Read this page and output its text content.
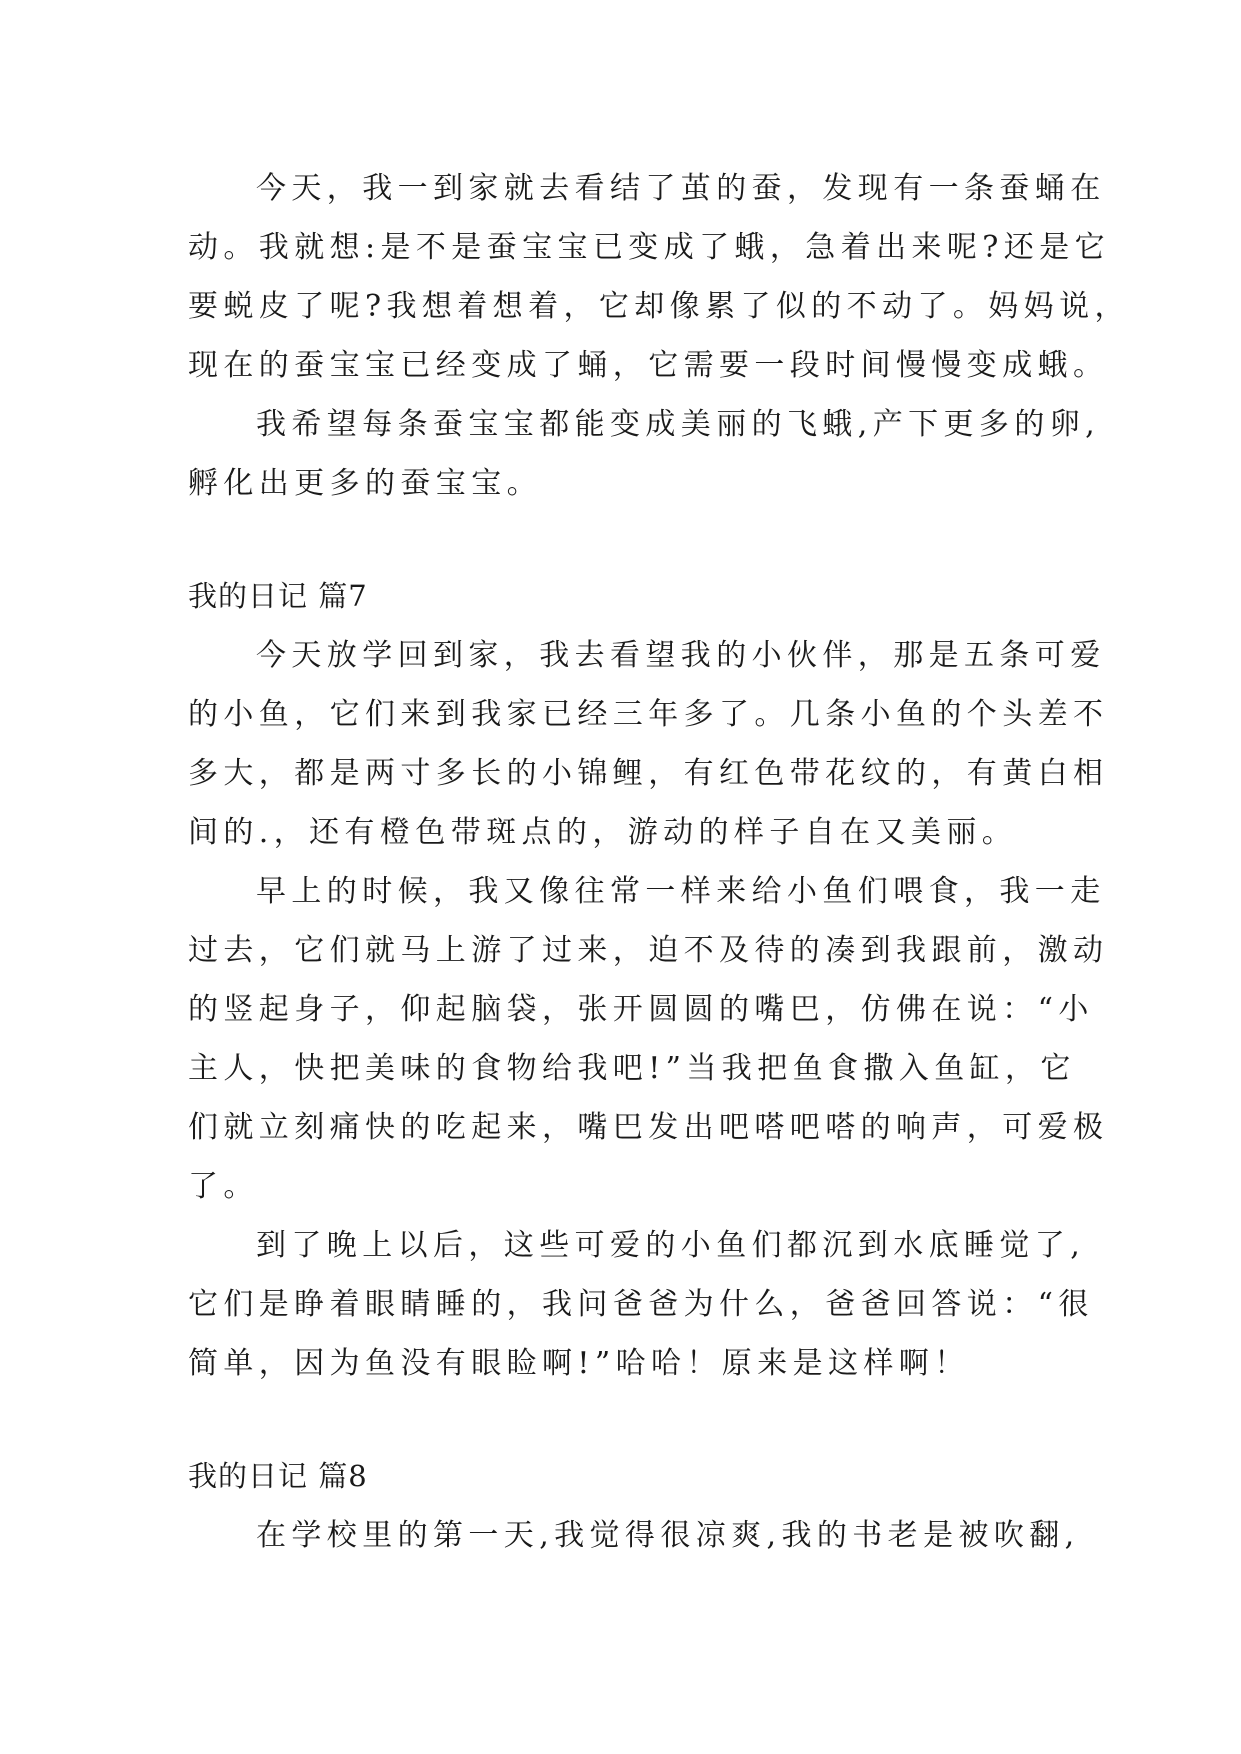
今天，我一到家就去看结了茧的蚕，发现有一条蚕蛹在
动。我就想:是不是蚕宝宝已变成了蛾，急着出来呢?还是它
要蜕皮了呢?我想着想着，它却像累了似的不动了。妈妈说，
现在的蚕宝宝已经变成了蛹，它需要一段时间慢慢变成蛾。

我希望每条蚕宝宝都能变成美丽的飞蛾,产下更多的卵,
孵化出更多的蚕宝宝。

我的日记 篇7

今天放学回到家，我去看望我的小伙伴，那是五条可爱
的小鱼，它们来到我家已经三年多了。几条小鱼的个头差不
多大，都是两寸多长的小锦鲤，有红色带花纹的，有黄白相
间的.，还有橙色带斑点的，游动的样子自在又美丽。

早上的时候，我又像往常一样来给小鱼们喂食，我一走
过去，它们就马上游了过来，迫不及待的凑到我跟前，激动
的竖起身子，仰起脑袋，张开圆圆的嘴巴，仿佛在说：“小
主人，快把美味的食物给我吧!”当我把鱼食撒入鱼缸，它
们就立刻痛快的吃起来，嘴巴发出吧嗒吧嗒的响声，可爱极
了。

到了晚上以后，这些可爱的小鱼们都沉到水底睡觉了,
它们是睁着眼睛睡的，我问爸爸为什么，爸爸回答说：“很
简单，因为鱼没有眼睑啊!”哈哈！原来是这样啊！

我的日记 篇8

在学校里的第一天,我觉得很凉爽,我的书老是被吹翻,
